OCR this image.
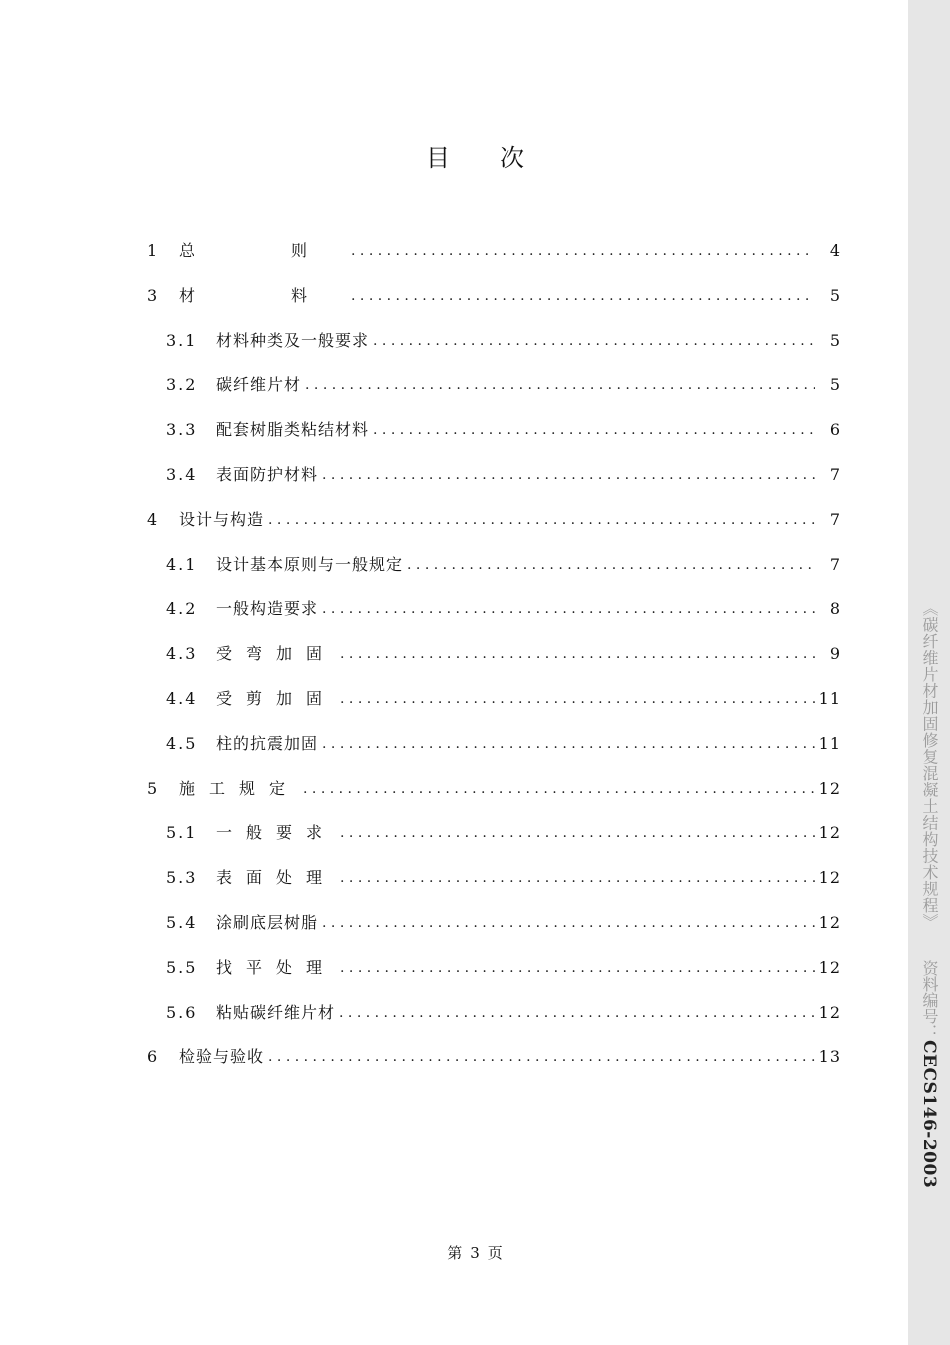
目 次
1	总　则 . . .	4
3	材　料 . . .	5
3.1	材料种类及一般要求 . . .	5
3.2	碳纤维片材 . . .	5
3.3	配套树脂类粘结材料 . . .	6
3.4	表面防护材料 . . .	7
4	设计与构造 . . .	7
4.1	设计基本原则与一般规定 . . .	7
4.2	一般构造要求 . . .	8
4.3	受弯加固 . . .	9
4.4	受剪加固 . . .	11
4.5	柱的抗震加固 . . .	11
5	施工规定 . . .	12
5.1	一般要求 . . .	12
5.3	表面处理 . . .	12
5.4	涂刷底层树脂 . . .	12
5.5	找平处理 . . .	12
5.6	粘贴碳纤维片材 . . .	12
6	检验与验收 . . .	13
第 3 页
《碳纤维片材加固修复混凝土结构技术规程》资料编号：CECS146-2003
